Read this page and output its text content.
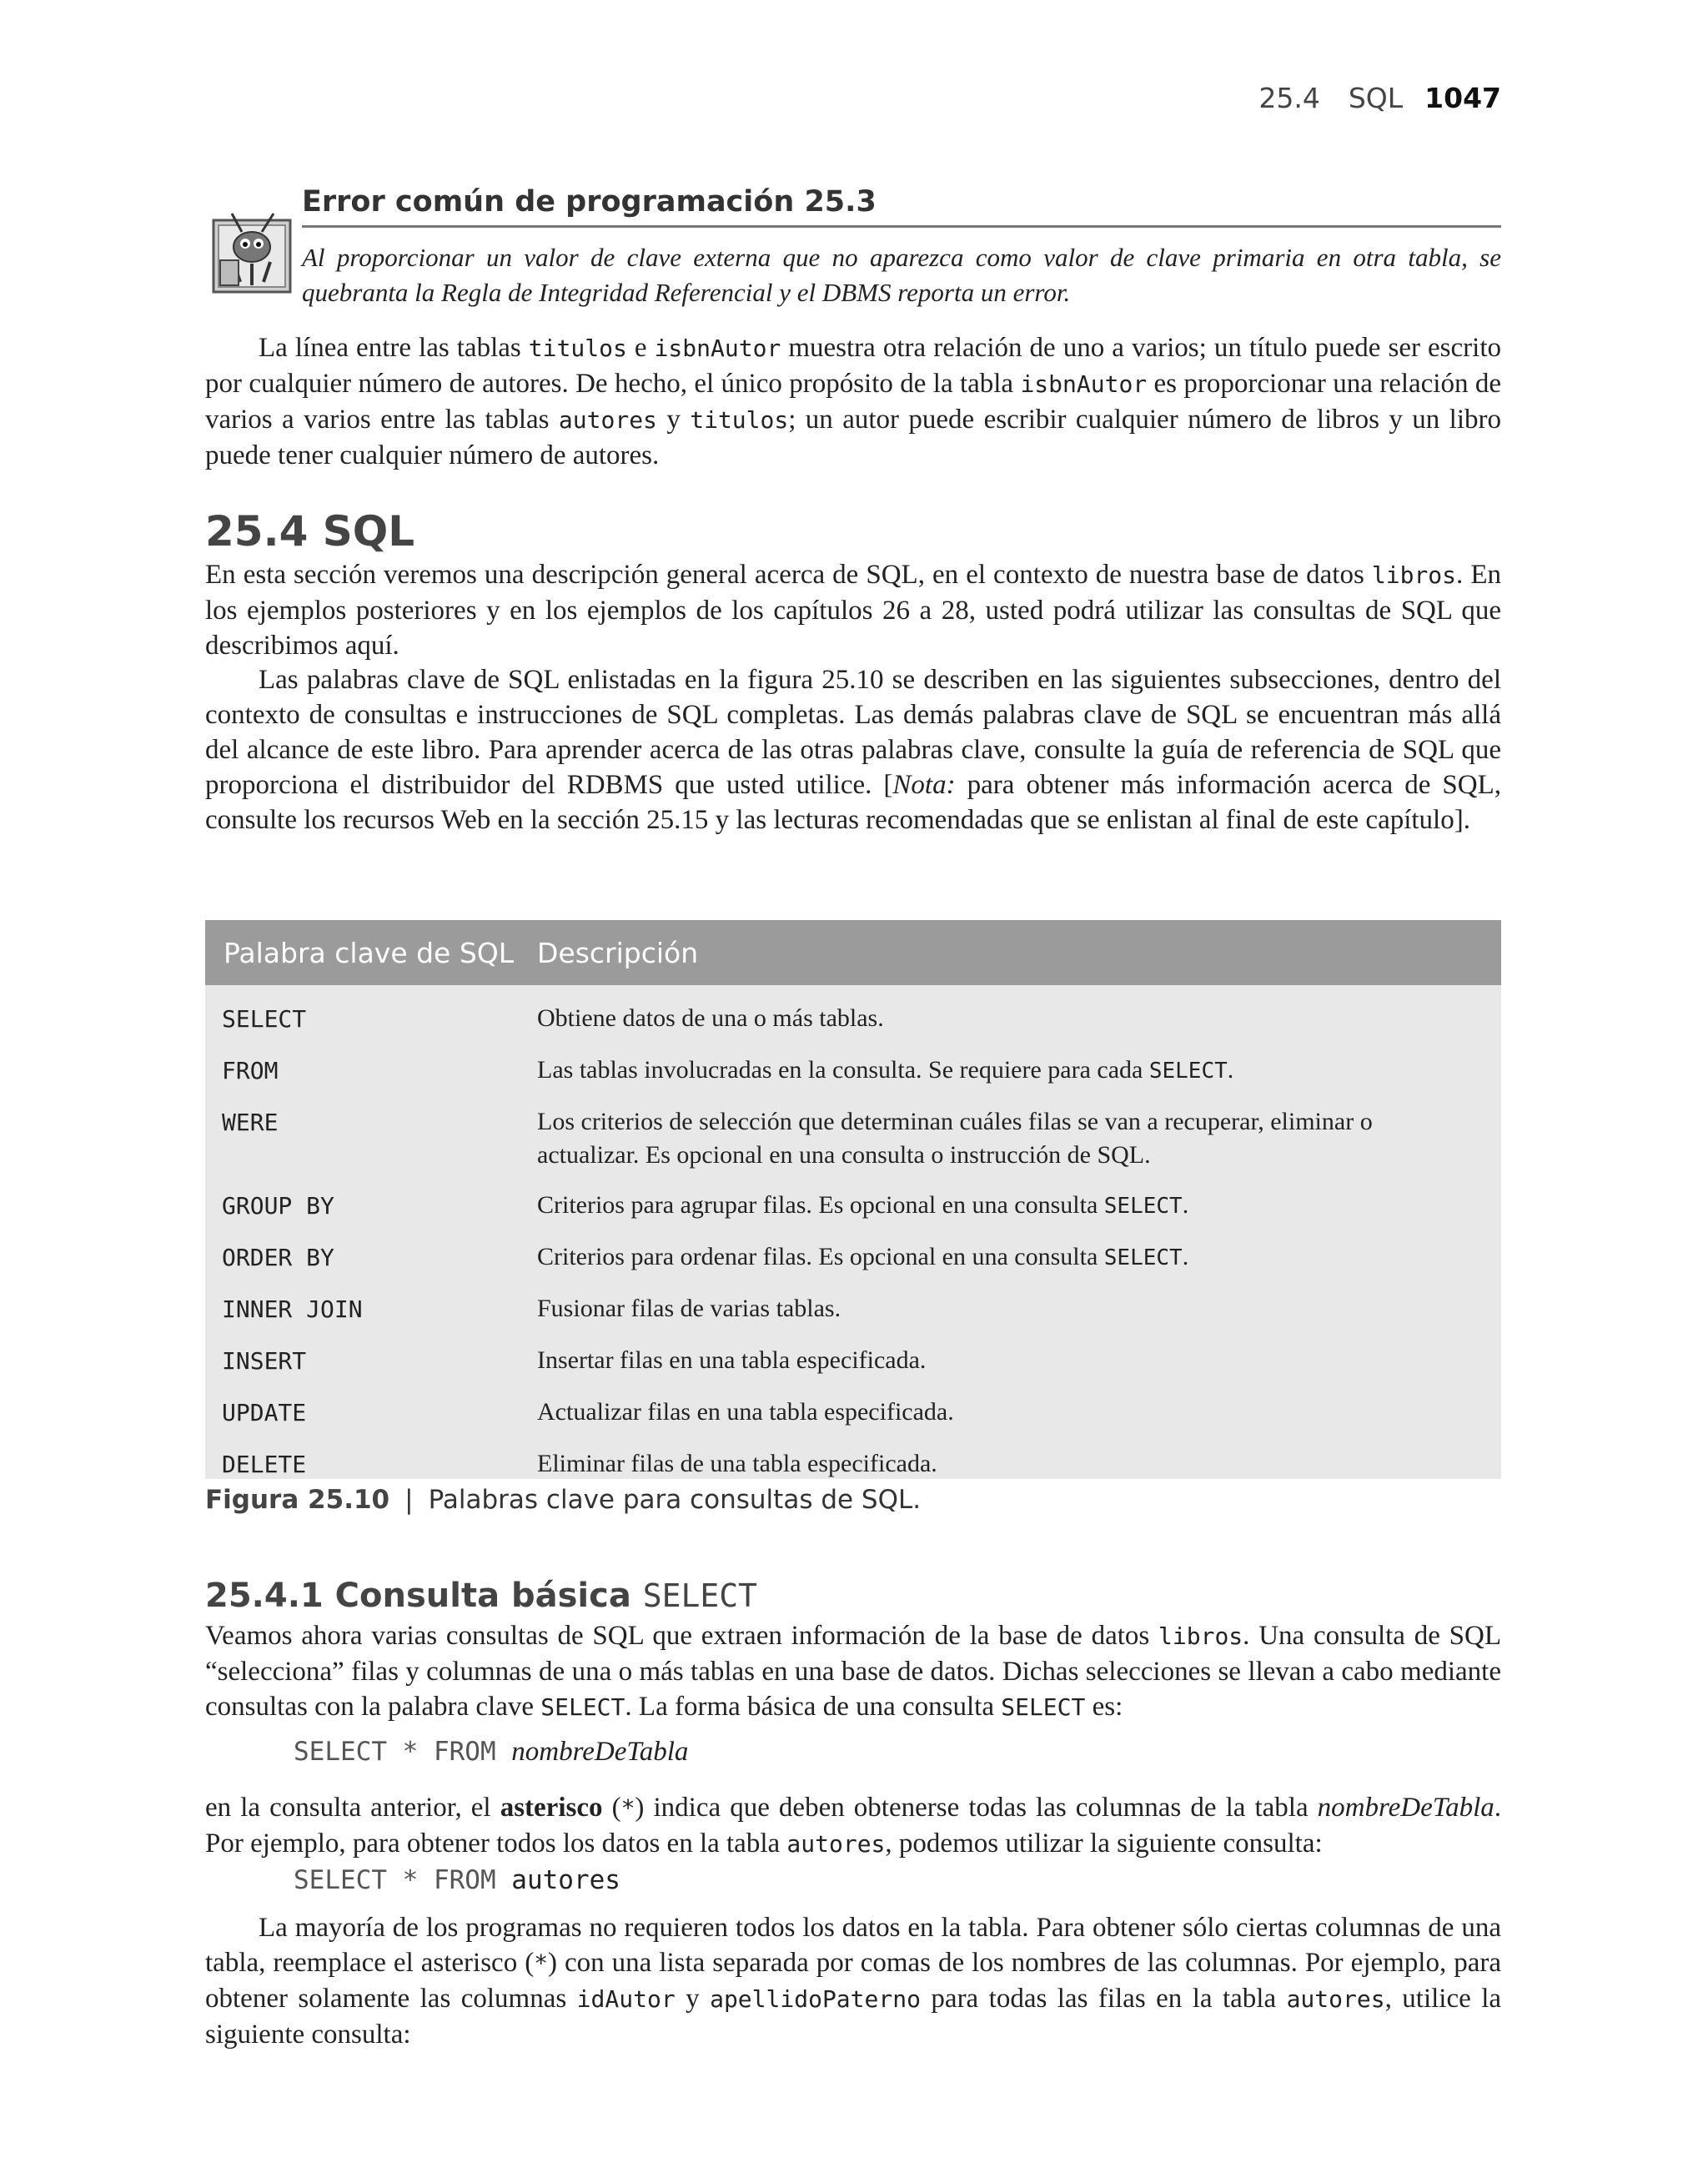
25.4 SQL 1047
Error común de programación 25.3
Al proporcionar un valor de clave externa que no aparezca como valor de clave primaria en otra tabla, se quebranta la Regla de Integridad Referencial y el DBMS reporta un error.

La línea entre las tablas titulos e isbnAutor muestra otra relación de uno a varios; un título puede ser escrito por cualquier número de autores. De hecho, el único propósito de la tabla isbnAutor es proporcionar una relación de varios a varios entre las tablas autores y titulos; un autor puede escribir cualquier número de libros y un libro puede tener cualquier número de autores.

25.4 SQL

En esta sección veremos una descripción general acerca de SQL, en el contexto de nuestra base de datos libros. En los ejemplos posteriores y en los ejemplos de los capítulos 26 a 28, usted podrá utilizar las consultas de SQL que describimos aquí.

Las palabras clave de SQL enlistadas en la figura 25.10 se describen en las siguientes subsecciones, dentro del contexto de consultas e instrucciones de SQL completas. Las demás palabras clave de SQL se encuentran más allá del alcance de este libro. Para aprender acerca de las otras palabras clave, consulte la guía de referencia de SQL que proporciona el distribuidor del RDBMS que usted utilice. [Nota: para obtener más información acerca de SQL, consulte los recursos Web en la sección 25.15 y las lecturas recomendadas que se enlistan al final de este capítulo].

Palabra clave de SQL Descripción
SELECT	Obtiene datos de una o más tablas.
FROM	Las tablas involucradas en la consulta. Se requiere para cada SELECT.
WERE	Los criterios de selección que determinan cuáles filas se van a recuperar, eliminar o actualizar. Es opcional en una consulta o instrucción de SQL.
GROUP BY	Criterios para agrupar filas. Es opcional en una consulta SELECT.
ORDER BY	Criterios para ordenar filas. Es opcional en una consulta SELECT.
INNER JOIN	Fusionar filas de varias tablas.
INSERT	Insertar filas en una tabla especificada.
UPDATE	Actualizar filas en una tabla especificada.
DELETE	Eliminar filas de una tabla especificada.
Figura 25.10 | Palabras clave para consultas de SQL.
25.4.1 Consulta básica SELECT

Veamos ahora varias consultas de SQL que extraen información de la base de datos libros. Una consulta de SQL “selecciona” filas y columnas de una o más tablas en una base de datos. Dichas selecciones se llevan a cabo mediante consultas con la palabra clave SELECT. La forma básica de una consulta SELECT es:

SELECT * FROM nombreDeTabla

en la consulta anterior, el asterisco (*) indica que deben obtenerse todas las columnas de la tabla nombreDeTabla. Por ejemplo, para obtener todos los datos en la tabla autores, podemos utilizar la siguiente consulta:

SELECT * FROM autores

La mayoría de los programas no requieren todos los datos en la tabla. Para obtener sólo ciertas columnas de una tabla, reemplace el asterisco (*) con una lista separada por comas de los nombres de las columnas. Por ejemplo, para obtener solamente las columnas idAutor y apellidoPaterno para todas las filas en la tabla autores, utilice la siguiente consulta:
